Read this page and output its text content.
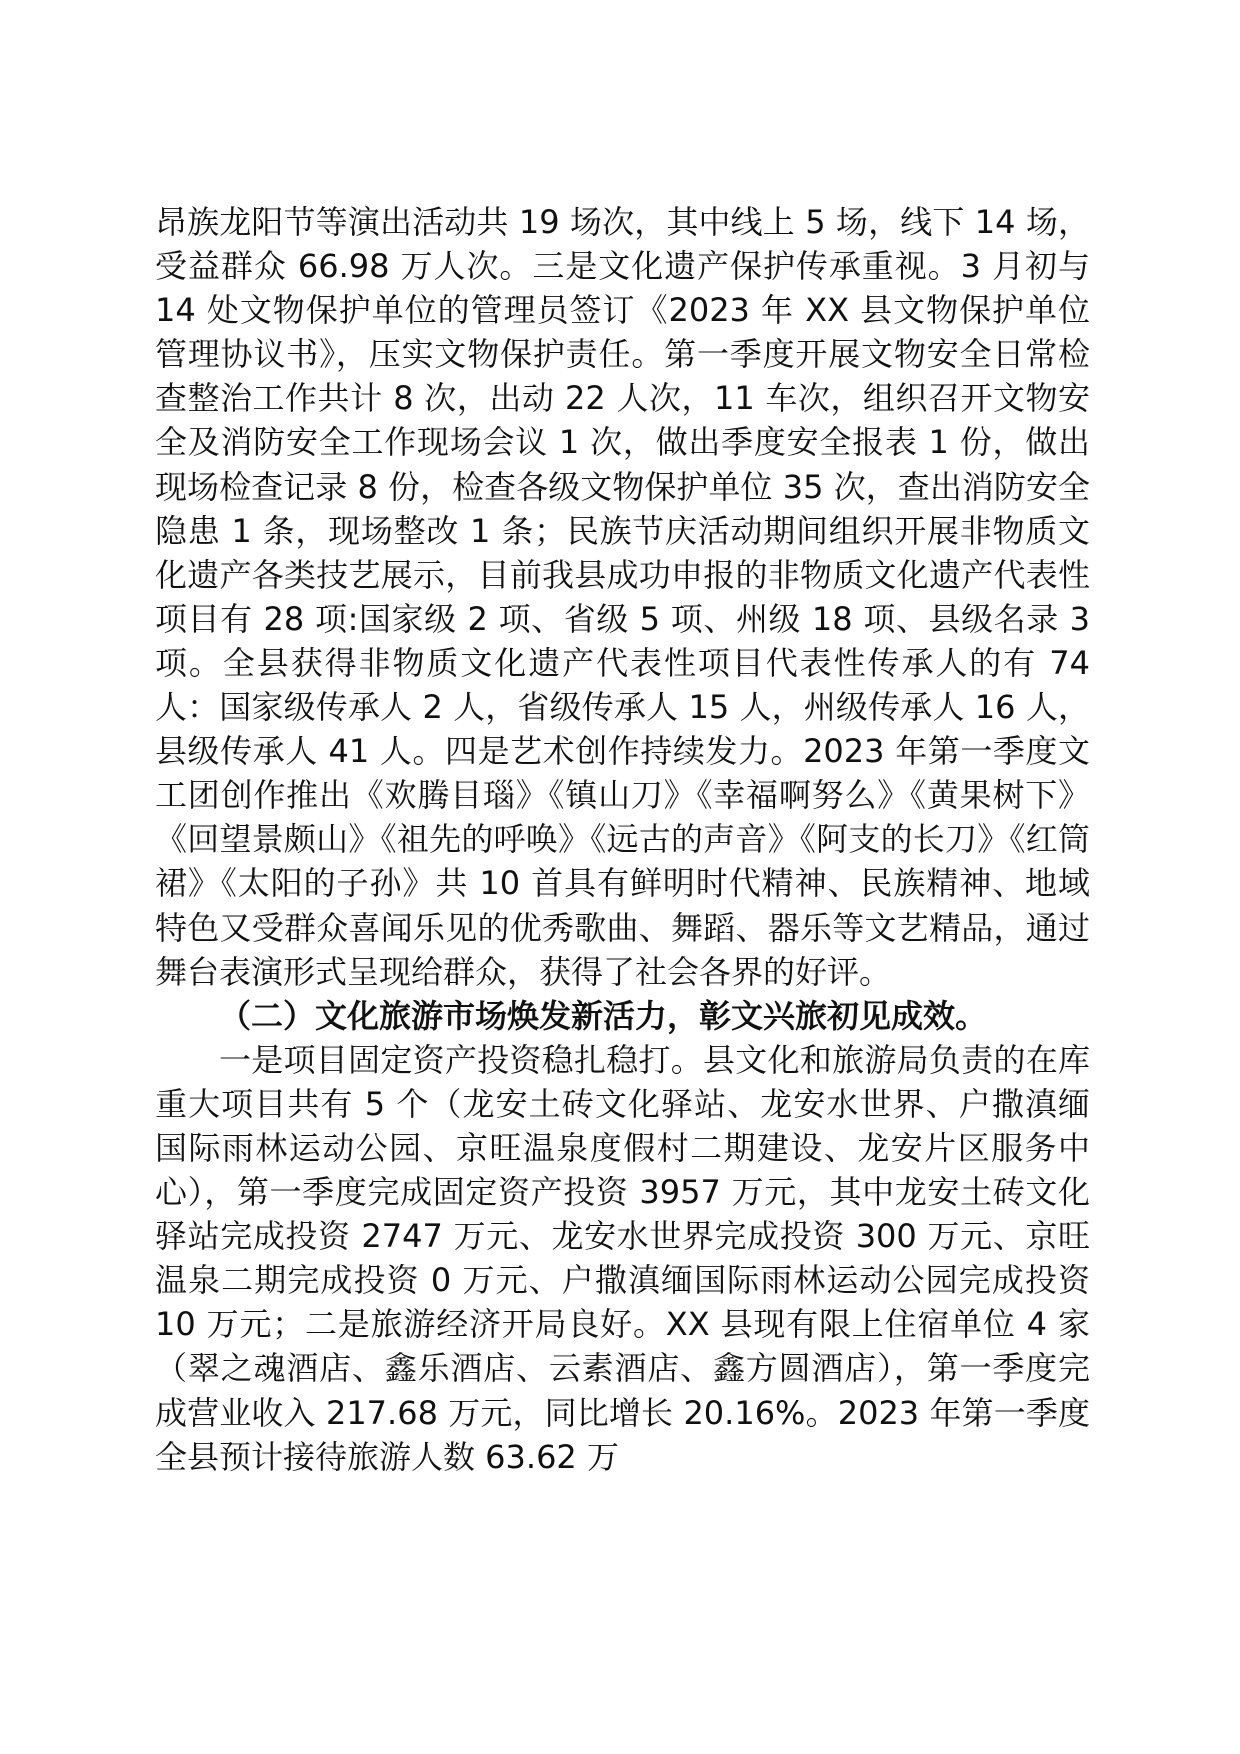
昂族龙阳节等演出活动共 19 场次，其中线上 5 场，线下 14 场，受益群众 66.98 万人次。三是文化遗产保护传承重视。3 月初与 14 处文物保护单位的管理员签订《2023 年 XX 县文物保护单位管理协议书》，压实文物保护责任。第一季度开展文物安全日常检查整治工作共计 8 次，出动 22 人次，11 车次，组织召开文物安全及消防安全工作现场会议 1 次，做出季度安全报表 1 份，做出现场检查记录 8 份，检查各级文物保护单位 35 次，查出消防安全隐患 1 条，现场整改 1 条；民族节庆活动期间组织开展非物质文化遗产各类技艺展示，目前我县成功申报的非物质文化遗产代表性项目有 28 项:国家级 2 项、省级 5 项、州级 18 项、县级名录 3 项。全县获得非物质文化遗产代表性项目代表性传承人的有 74 人：国家级传承人 2 人，省级传承人 15 人，州级传承人 16 人，县级传承人 41 人。四是艺术创作持续发力。2023 年第一季度文工团创作推出《欢腾目瑙》《镇山刀》《幸福啊努么》《黄果树下》《回望景颇山》《祖先的呼唤》《远古的声音》《阿支的长刀》《红筒裙》《太阳的子孙》共 10 首具有鲜明时代精神、民族精神、地域特色又受群众喜闻乐见的优秀歌曲、舞蹈、器乐等文艺精品，通过舞台表演形式呈现给群众，获得了社会各界的好评。

（二）文化旅游市场焕发新活力，彰文兴旅初见成效。

一是项目固定资产投资稳扎稳打。县文化和旅游局负责的在库重大项目共有 5 个（龙安土砖文化驿站、龙安水世界、户撒滇缅国际雨林运动公园、京旺温泉度假村二期建设、龙安片区服务中心），第一季度完成固定资产投资 3957 万元，其中龙安土砖文化驿站完成投资 2747 万元、龙安水世界完成投资 300 万元、京旺温泉二期完成投资 0 万元、户撒滇缅国际雨林运动公园完成投资 10 万元；二是旅游经济开局良好。XX 县现有限上住宿单位 4 家（翠之魂酒店、鑫乐酒店、云素酒店、鑫方圆酒店），第一季度完成营业收入 217.68 万元，同比增长 20.16%。2023 年第一季度全县预计接待旅游人数 63.62 万
